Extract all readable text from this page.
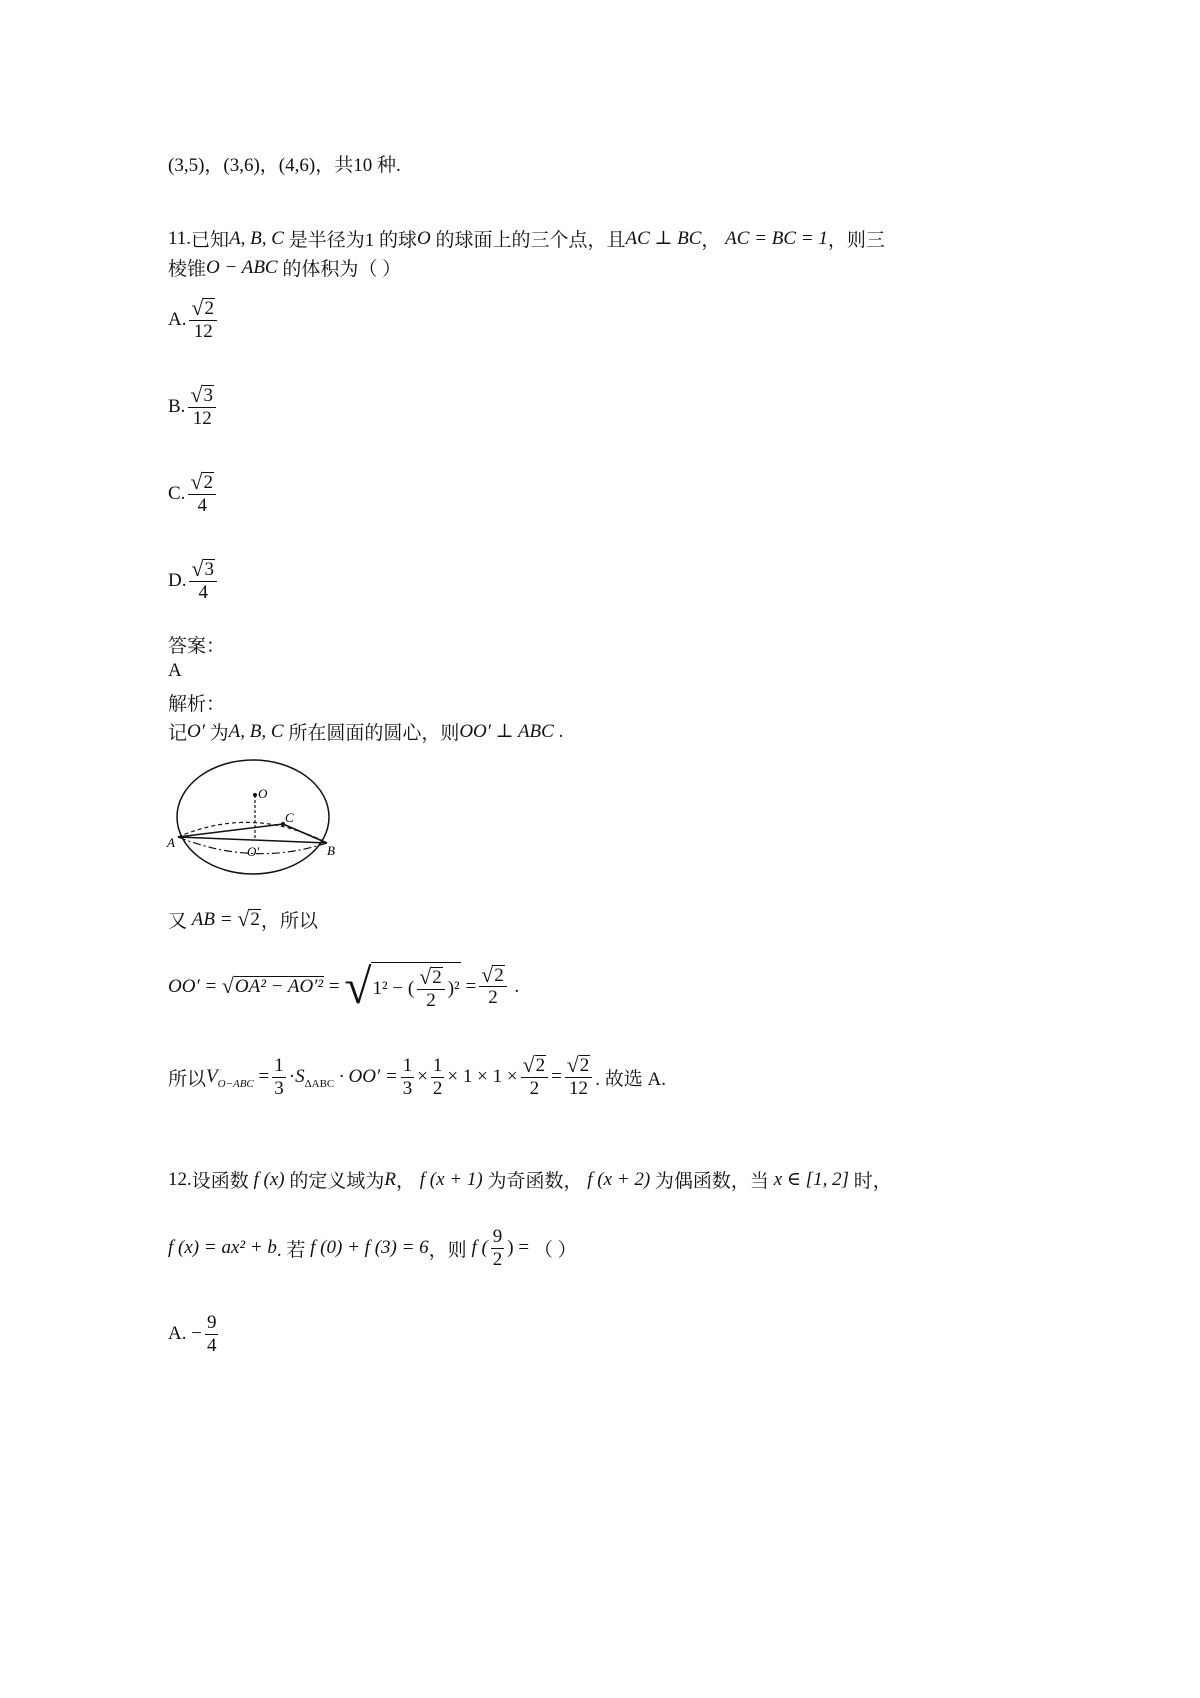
(3,5)，(3,6)，(4,6)，共10 种.
11. 已知 A, B, C
是半径为1 的球 O
的球面上的三个点，且 AC ⊥ BC ，
AC = BC = 1 ，则三
棱锥 O − ABC
的体积为（ ）
A. $\frac{√ 2}{12}$
B. $\frac{√ 3}{12}$
C. $\frac{√ 2}{4}$
D. $\frac{√ 3}{4}$
答案：
A
解析：
记 O′
为 A, B, C
所在圆面的圆心，则 OO′ ⊥ ABC
.
O
C
A
B
O′
又
AB =
√ 2 ，所以
OO′ =
√ OA² − AO′²
=
√ 1² − ( $\frac{√ 2}{2} )^2$
= $\frac{√ 2}{2}$
.
所以 $V_{O-ABC}$
= $\frac{1}{3} \cdot S_{\Delta ABC}$
· $OO' = \frac{1}{3} \times \frac{1}{2} \times 1 \times 1 \times \frac{√ 2}{2} = \frac{√ 2}{12}$ . 故选 A.
12. 设函数
f (x)
的定义域为 R ，
f (x + 1)
为奇函数，
f (x + 2)
为偶函数，当
x ∈ [1, 2]
时，
f (x) = ax² + b . 若
f (0) + f (3) = 6 ，则
f ( $\frac{9}{2}$ ) =
（ ）
A.
− $\frac{9}{4}$
